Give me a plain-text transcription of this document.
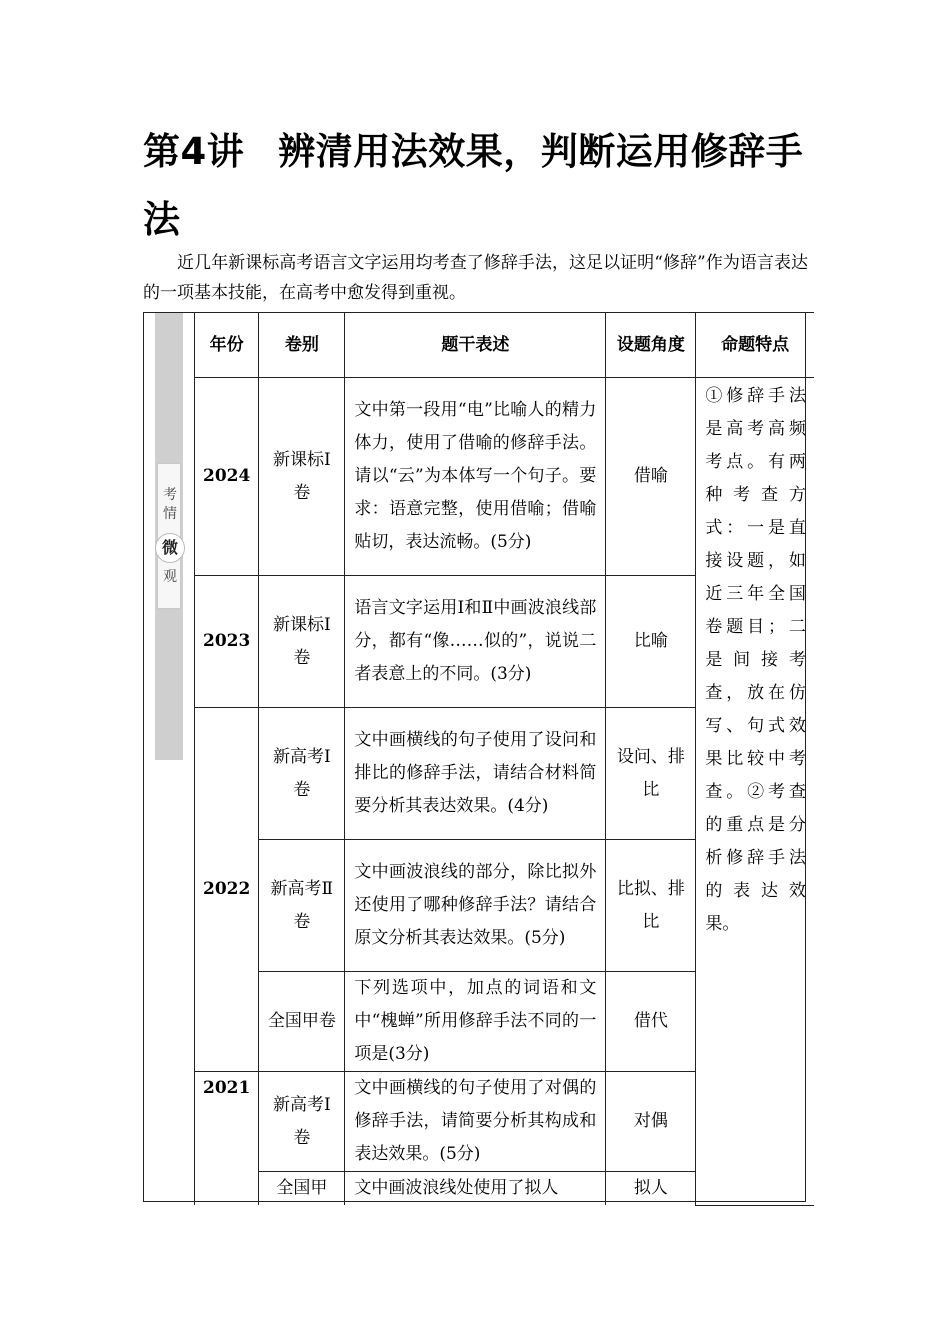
第4讲 辨清用法效果，判断运用修辞手法

近几年新课标高考语言文字运用均考查了修辞手法，这足以证明“修辞”作为语言表达的一项基本技能，在高考中愈发得到重视。

考情
微
观
年份	卷别	题干表述	设题角度	命题特点
2024	新课标Ⅰ卷	文中第一段用“电”比喻人的精力体力，使用了借喻的修辞手法。请以“云”为本体写一个句子。要求：语意完整，使用借喻；借喻贴切，表达流畅。(5分)	借喻	①修辞手法是高考高频考点。有两种考查方式：一是直接设题，如近三年全国卷题目；二是间接考查，放在仿写、句式效果比较中考查。②考查的重点是分析修辞手法的表达效果。
2023	新课标Ⅰ卷	语言文字运用Ⅰ和Ⅱ中画波浪线部分，都有“像……似的”，说说二者表意上的不同。(3分)	比喻	
2022	新高考Ⅰ卷	文中画横线的句子使用了设问和排比的修辞手法，请结合材料简要分析其表达效果。(4分)	设问、排比	
	新高考Ⅱ卷	文中画波浪线的部分，除比拟外还使用了哪种修辞手法？请结合原文分析其表达效果。(5分)	比拟、排比	
	全国甲卷	下列选项中，加点的词语和文中“槐蝉”所用修辞手法不同的一项是(3分)	借代	
2021	新高考Ⅰ卷	文中画横线的句子使用了对偶的修辞手法，请简要分析其构成和表达效果。(5分)	对偶	
	全国甲	文中画波浪线处使用了拟人	拟人	
